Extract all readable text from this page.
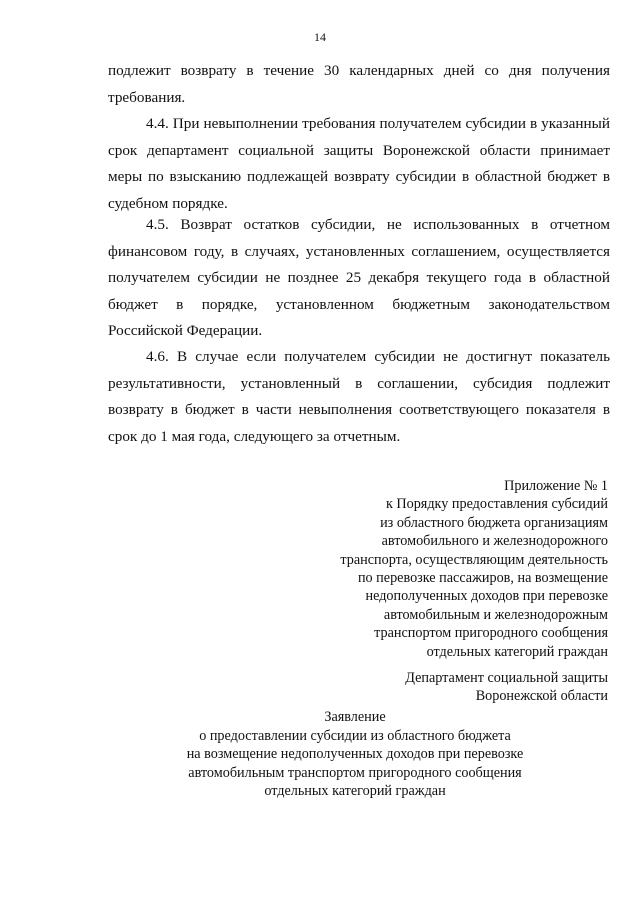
14

подлежит возврату в течение 30 календарных дней со дня получения требования.

4.4. При невыполнении требования получателем субсидии в указанный срок департамент социальной защиты Воронежской области принимает меры по взысканию подлежащей возврату субсидии в областной бюджет в судебном порядке.

4.5. Возврат остатков субсидии, не использованных в отчетном финансовом году, в случаях, установленных соглашением, осуществляется получателем субсидии не позднее 25 декабря текущего года в областной бюджет в порядке, установленном бюджетным законодательством Российской Федерации.

4.6. В случае если получателем субсидии не достигнут показатель результативности, установленный в соглашении, субсидия подлежит возврату в бюджет в части невыполнения соответствующего показателя в срок до 1 мая года, следующего за отчетным.

Приложение № 1
к Порядку предоставления субсидий
из областного бюджета организациям
автомобильного и железнодорожного
транспорта, осуществляющим деятельность
по перевозке пассажиров, на возмещение
недополученных доходов при перевозке
автомобильным и железнодорожным
транспортом пригородного сообщения
отдельных категорий граждан
Департамент социальной защиты
Воронежской области
Заявление
о предоставлении субсидии из областного бюджета
на возмещение недополученных доходов при перевозке
автомобильным транспортом пригородного сообщения
отдельных категорий граждан
